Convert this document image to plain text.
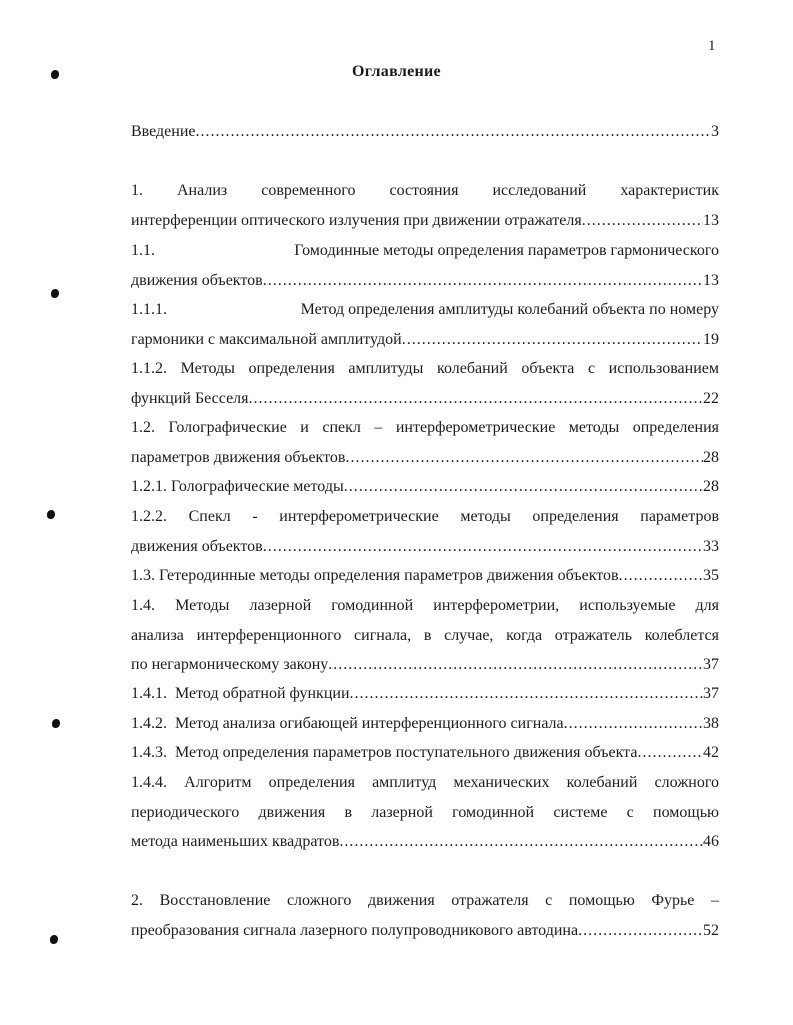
1
Оглавление
Введение .....	3
1. Анализ современного состояния исследований характеристик
интерференции оптического излучения при движении отражателя .....	13
1.1.	Гомодинные методы определения параметров гармонического
движения объектов .....	13
1.1.1.	Метод определения амплитуды колебаний объекта по номеру
гармоники с максимальной амплитудой .....	19
1.1.2. Методы определения амплитуды колебаний объекта с использованием
функций Бесселя .....	22
1.2. Голографические и спекл – интерферометрические методы определения
параметров движения объектов .....	28
1.2.1. Голографические методы .....	28
1.2.2. Спекл - интерферометрические методы определения параметров
движения объектов .....	33
1.3. Гетеродинные методы определения параметров движения объектов .....	35
1.4. Методы лазерной гомодинной интерферометрии, используемые для
анализа интерференционного сигнала, в случае, когда отражатель колеблется
по негармоническому закону .....	37
1.4.1.  Метод обратной функции .....	37
1.4.2.  Метод анализа огибающей интерференционного сигнала .....	38
1.4.3.  Метод определения параметров поступательного движения объекта .....	42
1.4.4. Алгоритм определения амплитуд механических колебаний сложного
периодического движения в лазерной гомодинной системе с помощью
метода наименьших квадратов .....	46
2. Восстановление сложного движения отражателя с помощью Фурье –
преобразования сигнала лазерного полупроводникового автодина .....	52
